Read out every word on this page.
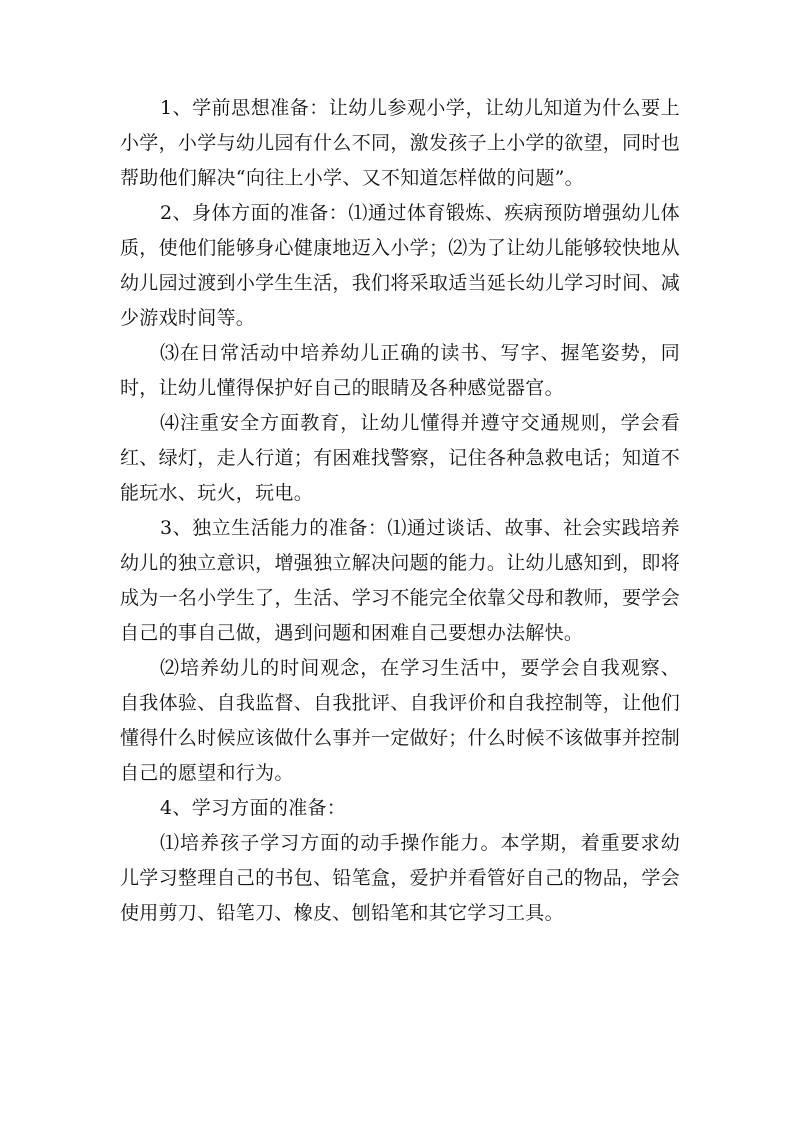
1、学前思想准备：让幼儿参观小学，让幼儿知道为什么要上小学，小学与幼儿园有什么不同，激发孩子上小学的欲望，同时也帮助他们解决“向往上小学、又不知道怎样做的问题”。

2、身体方面的准备：⑴通过体育锻炼、疾病预防增强幼儿体质，使他们能够身心健康地迈入小学；⑵为了让幼儿能够较快地从幼儿园过渡到小学生生活，我们将采取适当延长幼儿学习时间、减少游戏时间等。

⑶在日常活动中培养幼儿正确的读书、写字、握笔姿势，同时，让幼儿懂得保护好自己的眼睛及各种感觉器官。

⑷注重安全方面教育，让幼儿懂得并遵守交通规则，学会看红、绿灯，走人行道；有困难找警察，记住各种急救电话；知道不能玩水、玩火，玩电。

3、独立生活能力的准备：⑴通过谈话、故事、社会实践培养幼儿的独立意识，增强独立解决问题的能力。让幼儿感知到，即将成为一名小学生了，生活、学习不能完全依靠父母和教师，要学会自己的事自己做，遇到问题和困难自己要想办法解快。

⑵培养幼儿的时间观念，在学习生活中，要学会自我观察、自我体验、自我监督、自我批评、自我评价和自我控制等，让他们懂得什么时候应该做什么事并一定做好；什么时候不该做事并控制自己的愿望和行为。

4、学习方面的准备：

⑴培养孩子学习方面的动手操作能力。本学期，着重要求幼儿学习整理自己的书包、铅笔盒，爱护并看管好自己的物品，学会使用剪刀、铅笔刀、橡皮、刨铅笔和其它学习工具。
